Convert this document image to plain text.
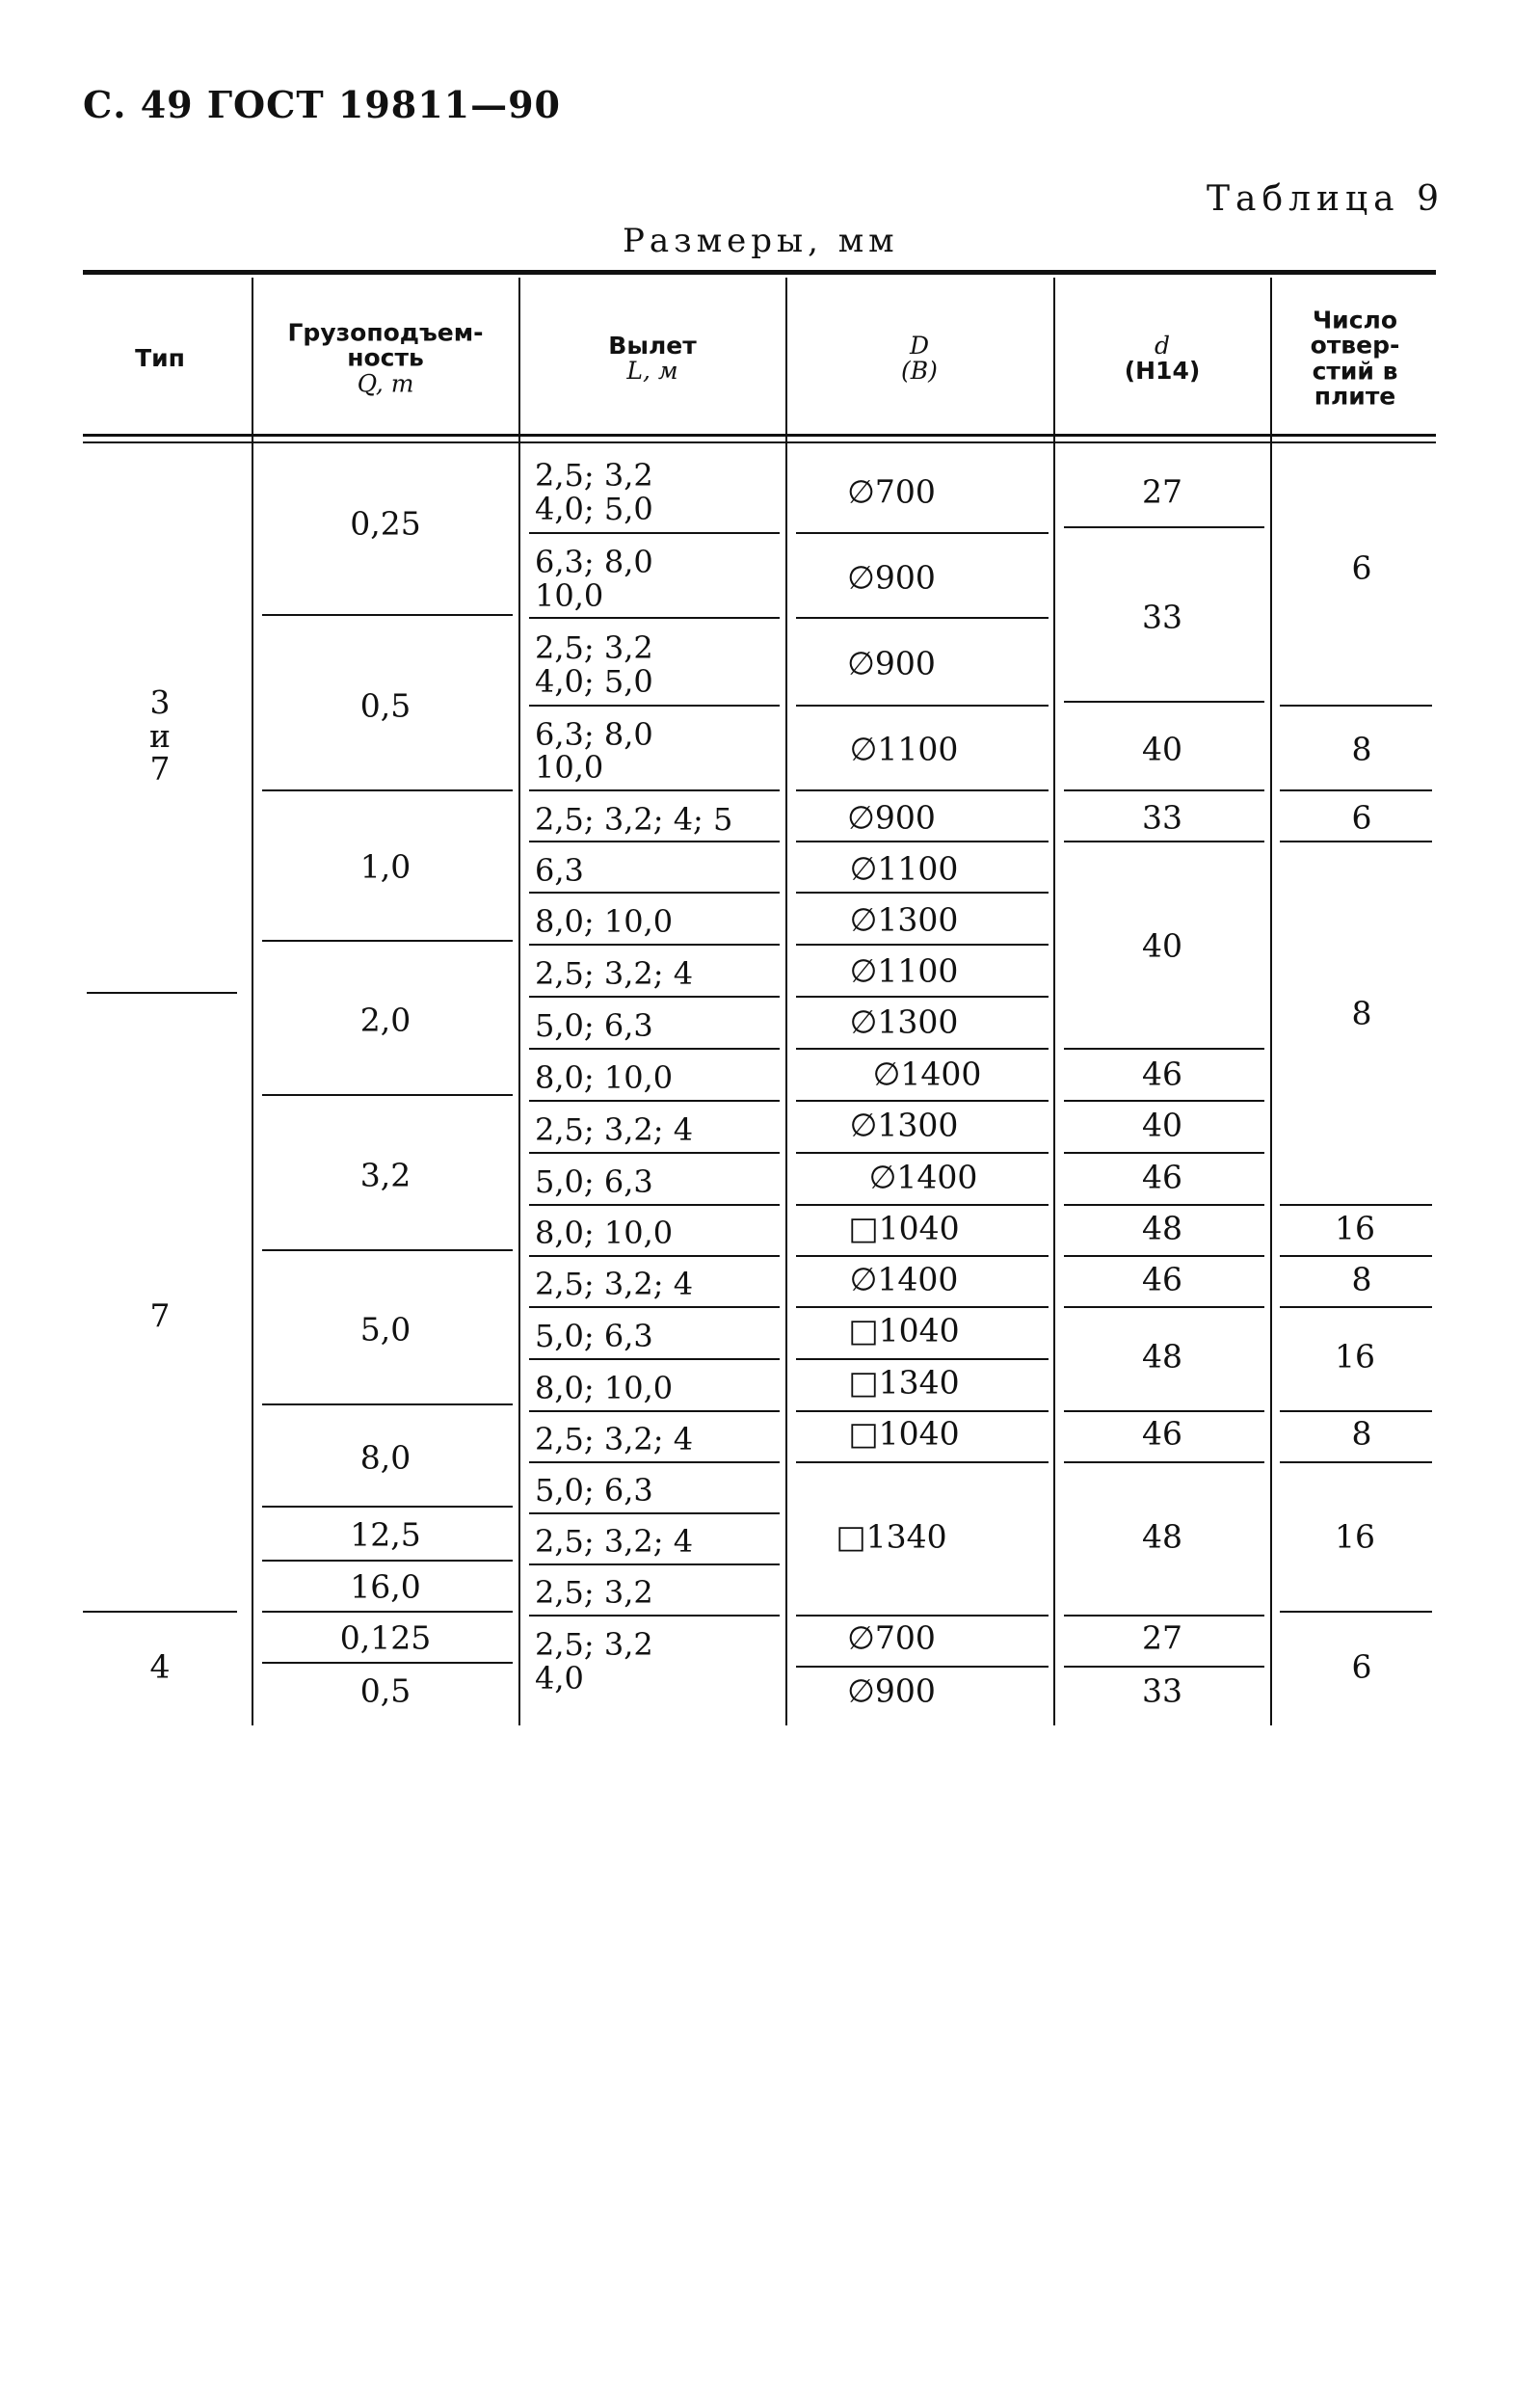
С. 49 ГОСТ 19811—90
Таблица 9
Размеры, мм
Тип
Грузоподъем-
ность
Q, т
Вылет
L, м
D
(B)
d
(H14)
Число
отвер-
стий в
плите
3
и
7
7
4
0,25
0,5
1,0
2,0
3,2
5,0
8,0
12,5
16,0
0,125
0,5
2,5; 3,2
4,0; 5,0
6,3; 8,0
10,0
2,5; 3,2
4,0; 5,0
6,3; 8,0
10,0
2,5; 3,2; 4; 5
6,3
8,0; 10,0
2,5; 3,2; 4
5,0; 6,3
8,0; 10,0
2,5; 3,2; 4
5,0; 6,3
8,0; 10,0
2,5; 3,2; 4
5,0; 6,3
8,0; 10,0
2,5; 3,2; 4
5,0; 6,3
2,5; 3,2; 4
2,5; 3,2
2,5; 3,2
4,0
∅700
∅900
∅900
∅1100
∅900
∅1100
∅1300
∅1100
∅1300
∅1400
∅1300
∅1400
□1040
∅1400
□1040
□1340
□1040
□1340
∅700
∅900
27
33
40
33
40
46
40
46
48
46
48
46
48
27
33
6
8
6
8
16
8
16
8
16
6
